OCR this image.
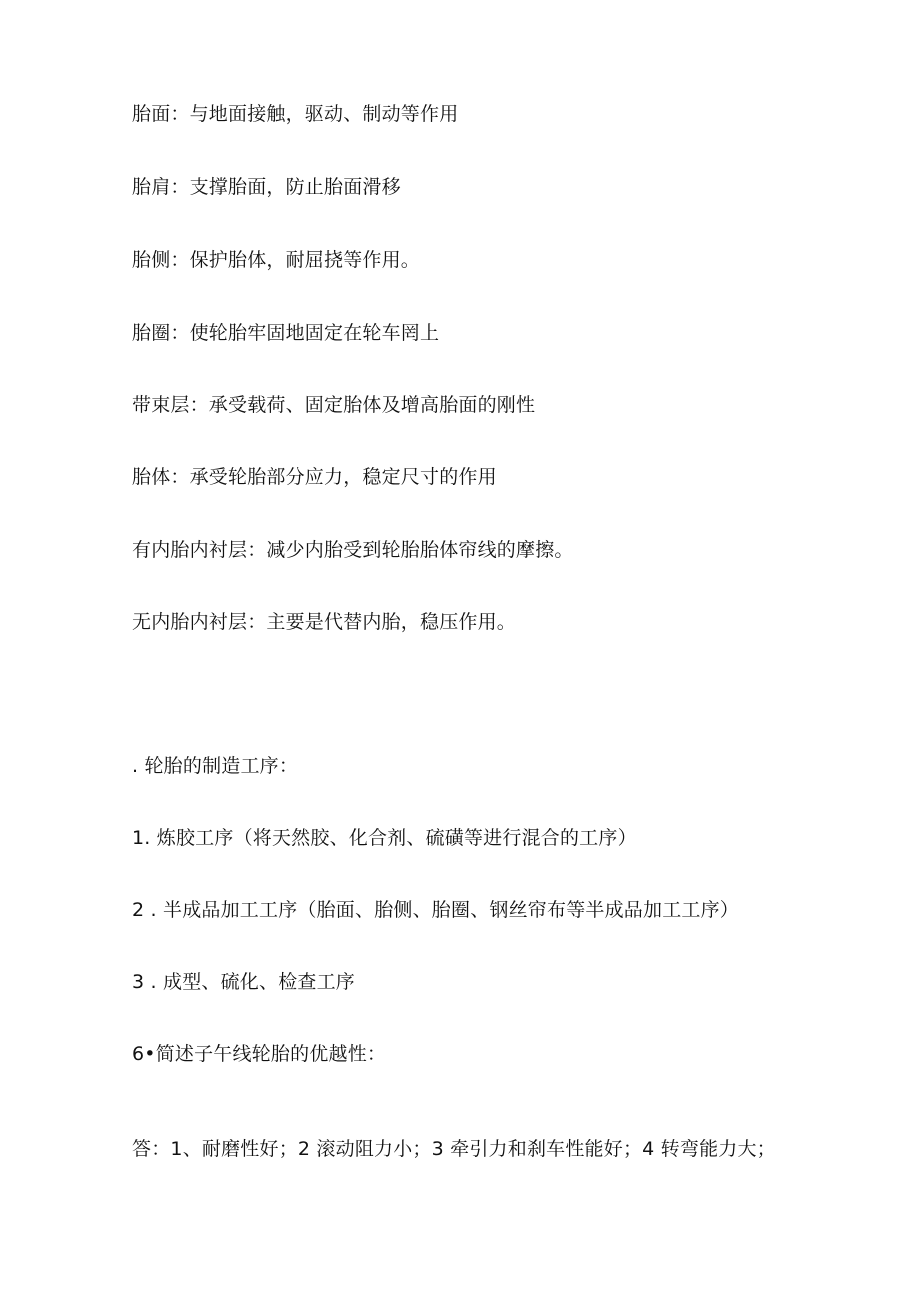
胎面：与地面接触，驱动、制动等作用
胎肩：支撑胎面，防止胎面滑移
胎侧：保护胎体，耐屈挠等作用。
胎圈：使轮胎牢固地固定在轮车罔上
带束层：承受载荷、固定胎体及增高胎面的刚性
胎体：承受轮胎部分应力，稳定尺寸的作用
有内胎内衬层：减少内胎受到轮胎胎体帘线的摩擦。
无内胎内衬层：主要是代替内胎，稳压作用。
. 轮胎的制造工序：
1. 炼胶工序（将天然胶、化合剂、硫磺等进行混合的工序）
2 . 半成品加工工序（胎面、胎侧、胎圈、钢丝帘布等半成品加工工序）
3 . 成型、硫化、检查工序
6•简述子午线轮胎的优越性：
答：1、耐磨性好；2 滚动阻力小；3 牵引力和刹车性能好；4 转弯能力大；
